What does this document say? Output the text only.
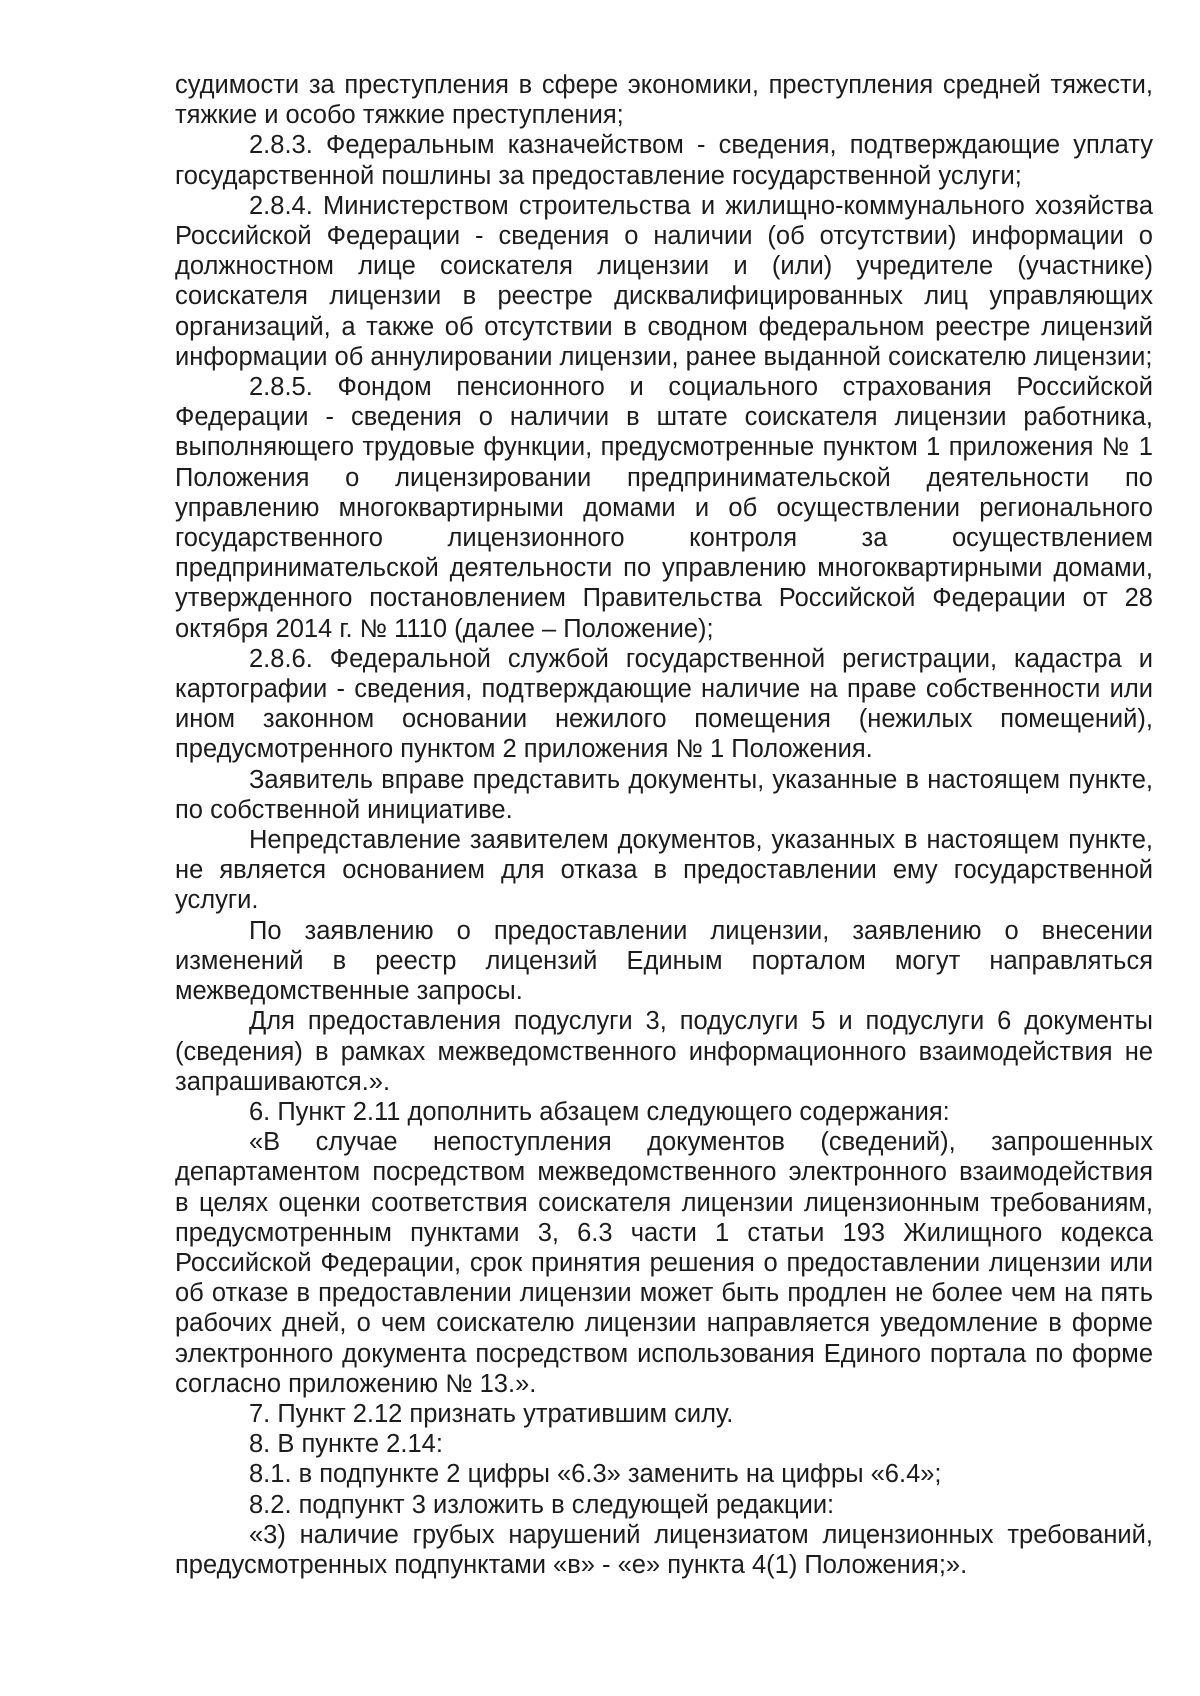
судимости за преступления в сфере экономики, преступления средней тяжести, тяжкие и особо тяжкие преступления;

2.8.3. Федеральным казначейством - сведения, подтверждающие уплату государственной пошлины за предоставление государственной услуги;

2.8.4. Министерством строительства и жилищно-коммунального хозяйства Российской Федерации - сведения о наличии (об отсутствии) информации о должностном лице соискателя лицензии и (или) учредителе (участнике) соискателя лицензии в реестре дисквалифицированных лиц управляющих организаций, а также об отсутствии в сводном федеральном реестре лицензий информации об аннулировании лицензии, ранее выданной соискателю лицензии;

2.8.5. Фондом пенсионного и социального страхования Российской Федерации - сведения о наличии в штате соискателя лицензии работника, выполняющего трудовые функции, предусмотренные пунктом 1 приложения № 1 Положения о лицензировании предпринимательской деятельности по управлению многоквартирными домами и об осуществлении регионального государственного лицензионного контроля за осуществлением предпринимательской деятельности по управлению многоквартирными домами, утвержденного постановлением Правительства Российской Федерации от 28 октября 2014 г. № 1110 (далее – Положение);

2.8.6. Федеральной службой государственной регистрации, кадастра и картографии - сведения, подтверждающие наличие на праве собственности или ином законном основании нежилого помещения (нежилых помещений), предусмотренного пунктом 2 приложения № 1 Положения.

Заявитель вправе представить документы, указанные в настоящем пункте, по собственной инициативе.

Непредставление заявителем документов, указанных в настоящем пункте, не является основанием для отказа в предоставлении ему государственной услуги.

По заявлению о предоставлении лицензии, заявлению о внесении изменений в реестр лицензий Единым порталом могут направляться межведомственные запросы.

Для предоставления подуслуги 3, подуслуги 5 и подуслуги 6 документы (сведения) в рамках межведомственного информационного взаимодействия не запрашиваются.».

6. Пункт 2.11 дополнить абзацем следующего содержания:

«В случае непоступления документов (сведений), запрошенных департаментом посредством межведомственного электронного взаимодействия в целях оценки соответствия соискателя лицензии лицензионным требованиям, предусмотренным пунктами 3, 6.3 части 1 статьи 193 Жилищного кодекса Российской Федерации, срок принятия решения о предоставлении лицензии или об отказе в предоставлении лицензии может быть продлен не более чем на пять рабочих дней, о чем соискателю лицензии направляется уведомление в форме электронного документа посредством использования Единого портала по форме согласно приложению № 13.».

7. Пункт 2.12 признать утратившим силу.

8. В пункте 2.14:

8.1. в подпункте 2 цифры «6.3» заменить на цифры «6.4»;

8.2. подпункт 3 изложить в следующей редакции:

«3) наличие грубых нарушений лицензиатом лицензионных требований, предусмотренных подпунктами «в» - «е» пункта 4(1) Положения;».
